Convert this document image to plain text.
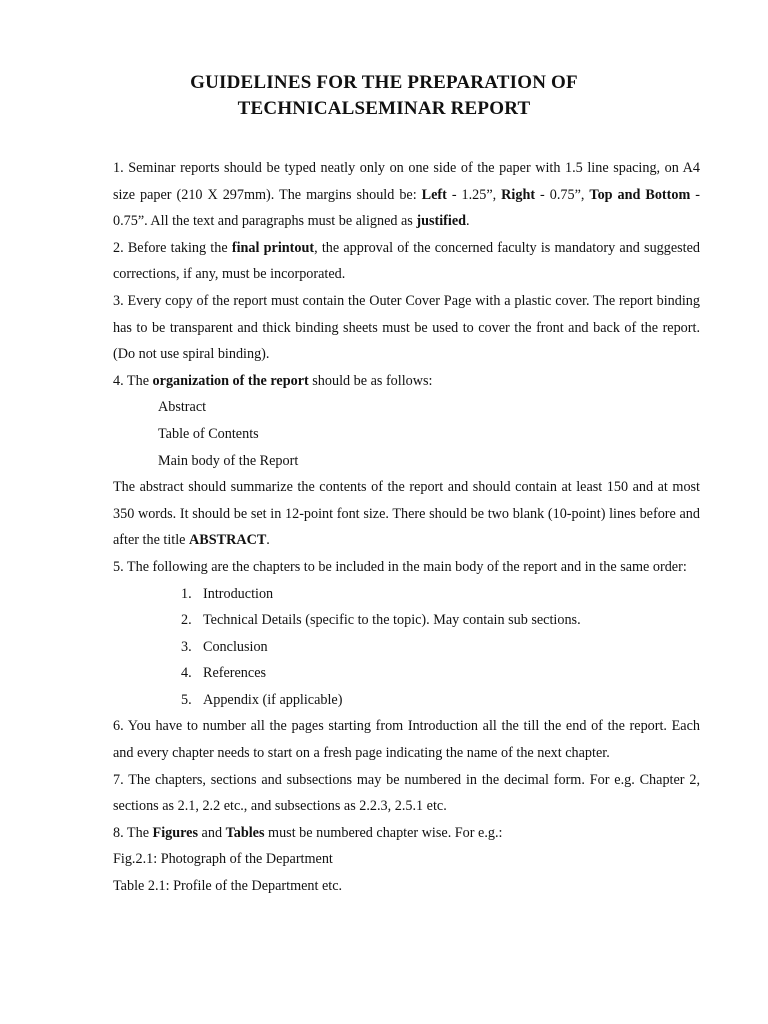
GUIDELINES FOR THE PREPARATION OF
TECHNICALSEMINAR REPORT

1. Seminar reports should be typed neatly only on one side of the paper with 1.5 line spacing, on A4 size paper (210 X 297mm). The margins should be: Left - 1.25”, Right - 0.75”, Top and Bottom - 0.75”. All the text and paragraphs must be aligned as justified.

2. Before taking the final printout, the approval of the concerned faculty is mandatory and suggested corrections, if any, must be incorporated.

3. Every copy of the report must contain the Outer Cover Page with a plastic cover. The report binding has to be transparent and thick binding sheets must be used to cover the front and back of the report. (Do not use spiral binding).

4. The organization of the report should be as follows:

Abstract
Table of Contents
Main body of the Report

The abstract should summarize the contents of the report and should contain at least 150 and at most 350 words. It should be set in 12-point font size. There should be two blank (10-point) lines before and after the title ABSTRACT.

5. The following are the chapters to be included in the main body of the report and in the same order:

1. Introduction
2. Technical Details (specific to the topic). May contain sub sections.
3. Conclusion
4. References
5. Appendix (if applicable)

6. You have to number all the pages starting from Introduction all the till the end of the report. Each and every chapter needs to start on a fresh page indicating the name of the next chapter.

7. The chapters, sections and subsections may be numbered in the decimal form. For e.g. Chapter 2, sections as 2.1, 2.2 etc., and subsections as 2.2.3, 2.5.1 etc.

8. The Figures and Tables must be numbered chapter wise. For e.g.:

Fig.2.1: Photograph of the Department
Table 2.1: Profile of the Department etc.
